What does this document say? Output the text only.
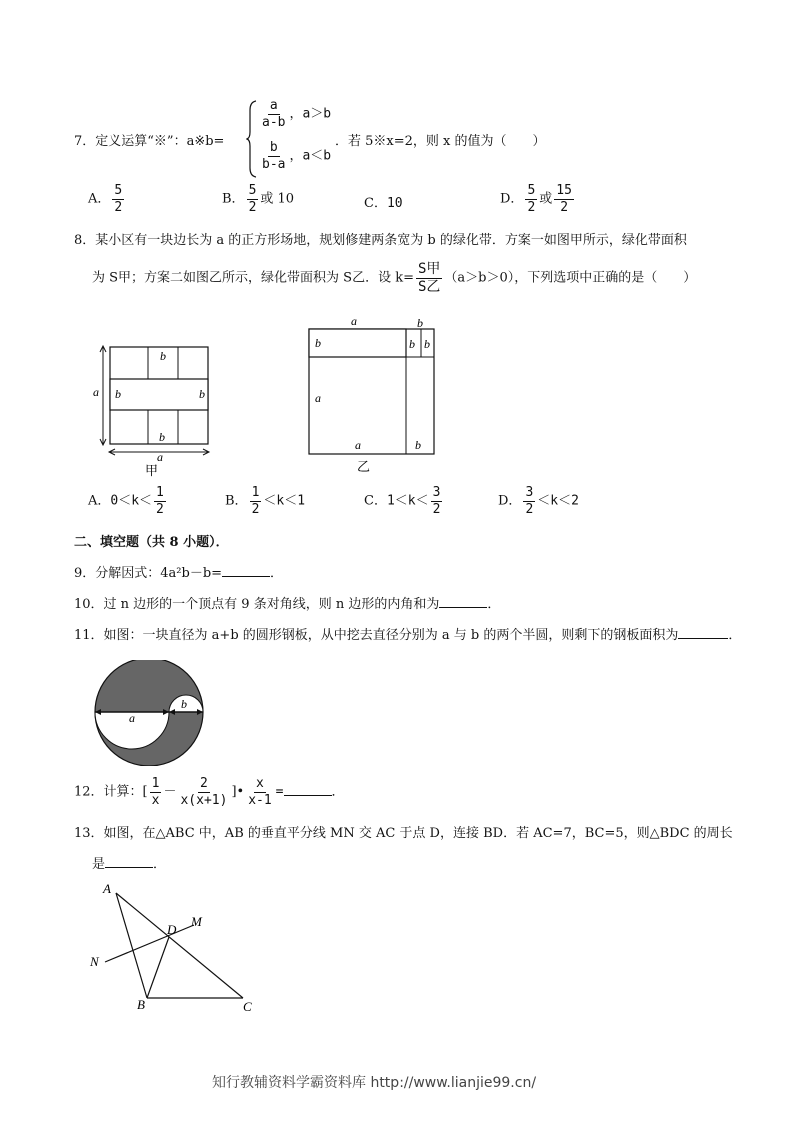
7．定义运算“※”：a※b=
$\frac{a}{a-b}$ ，a＞b
$\frac{b}{b-a}$ ，a＜b
．若 5※x=2，则 x 的值为（　　）
A． $\frac{5}{2}$	B． $\frac{5}{2}$ 或 10	C．10	D． $\frac{5}{2}$ 或 $\frac{15}{2}$
8．某小区有一块边长为 a 的正方形场地，规划修建两条宽为 b 的绿化带．方案一如图甲所示，绿化带面积
为 S甲；方案二如图乙所示，绿化带面积为 S乙．设 $k= \frac{\text{S甲}}{\text{S乙}} (a>b>0)$，下列选项中正确的是（　　）
a
b
b	b
b
a
甲
a	b
b	b b
a
a	b
乙
A．$0<k< \frac{1}{2}$	B． $\frac{1}{2} <k<1$	C．$1<k< \frac{3}{2}$	D． $\frac{3}{2} <k<2$
二、填空题（共 8 小题）．
9．分解因式：4a²b－b=	．
10．过 n 边形的一个顶点有 9 条对角线，则 n 边形的内角和为	．
11．如图：一块直径为 a+b 的圆形钢板，从中挖去直径分别为 a 与 b 的两个半圆，则剩下的钢板面积为	．
a
b
12．计算：[ $\frac{1}{x} - \frac{2}{x(x+1)}$ ]• $\frac{x}{x-1}$ =	．
13．如图，在△ABC 中，AB 的垂直平分线 MN 交 AC 于点 D，连接 BD．若 AC=7，BC=5，则△BDC 的周长
是	．
A
B	C
D
M
N
知行教辅资料学霸资料库 http://www.lianjie99.cn/
